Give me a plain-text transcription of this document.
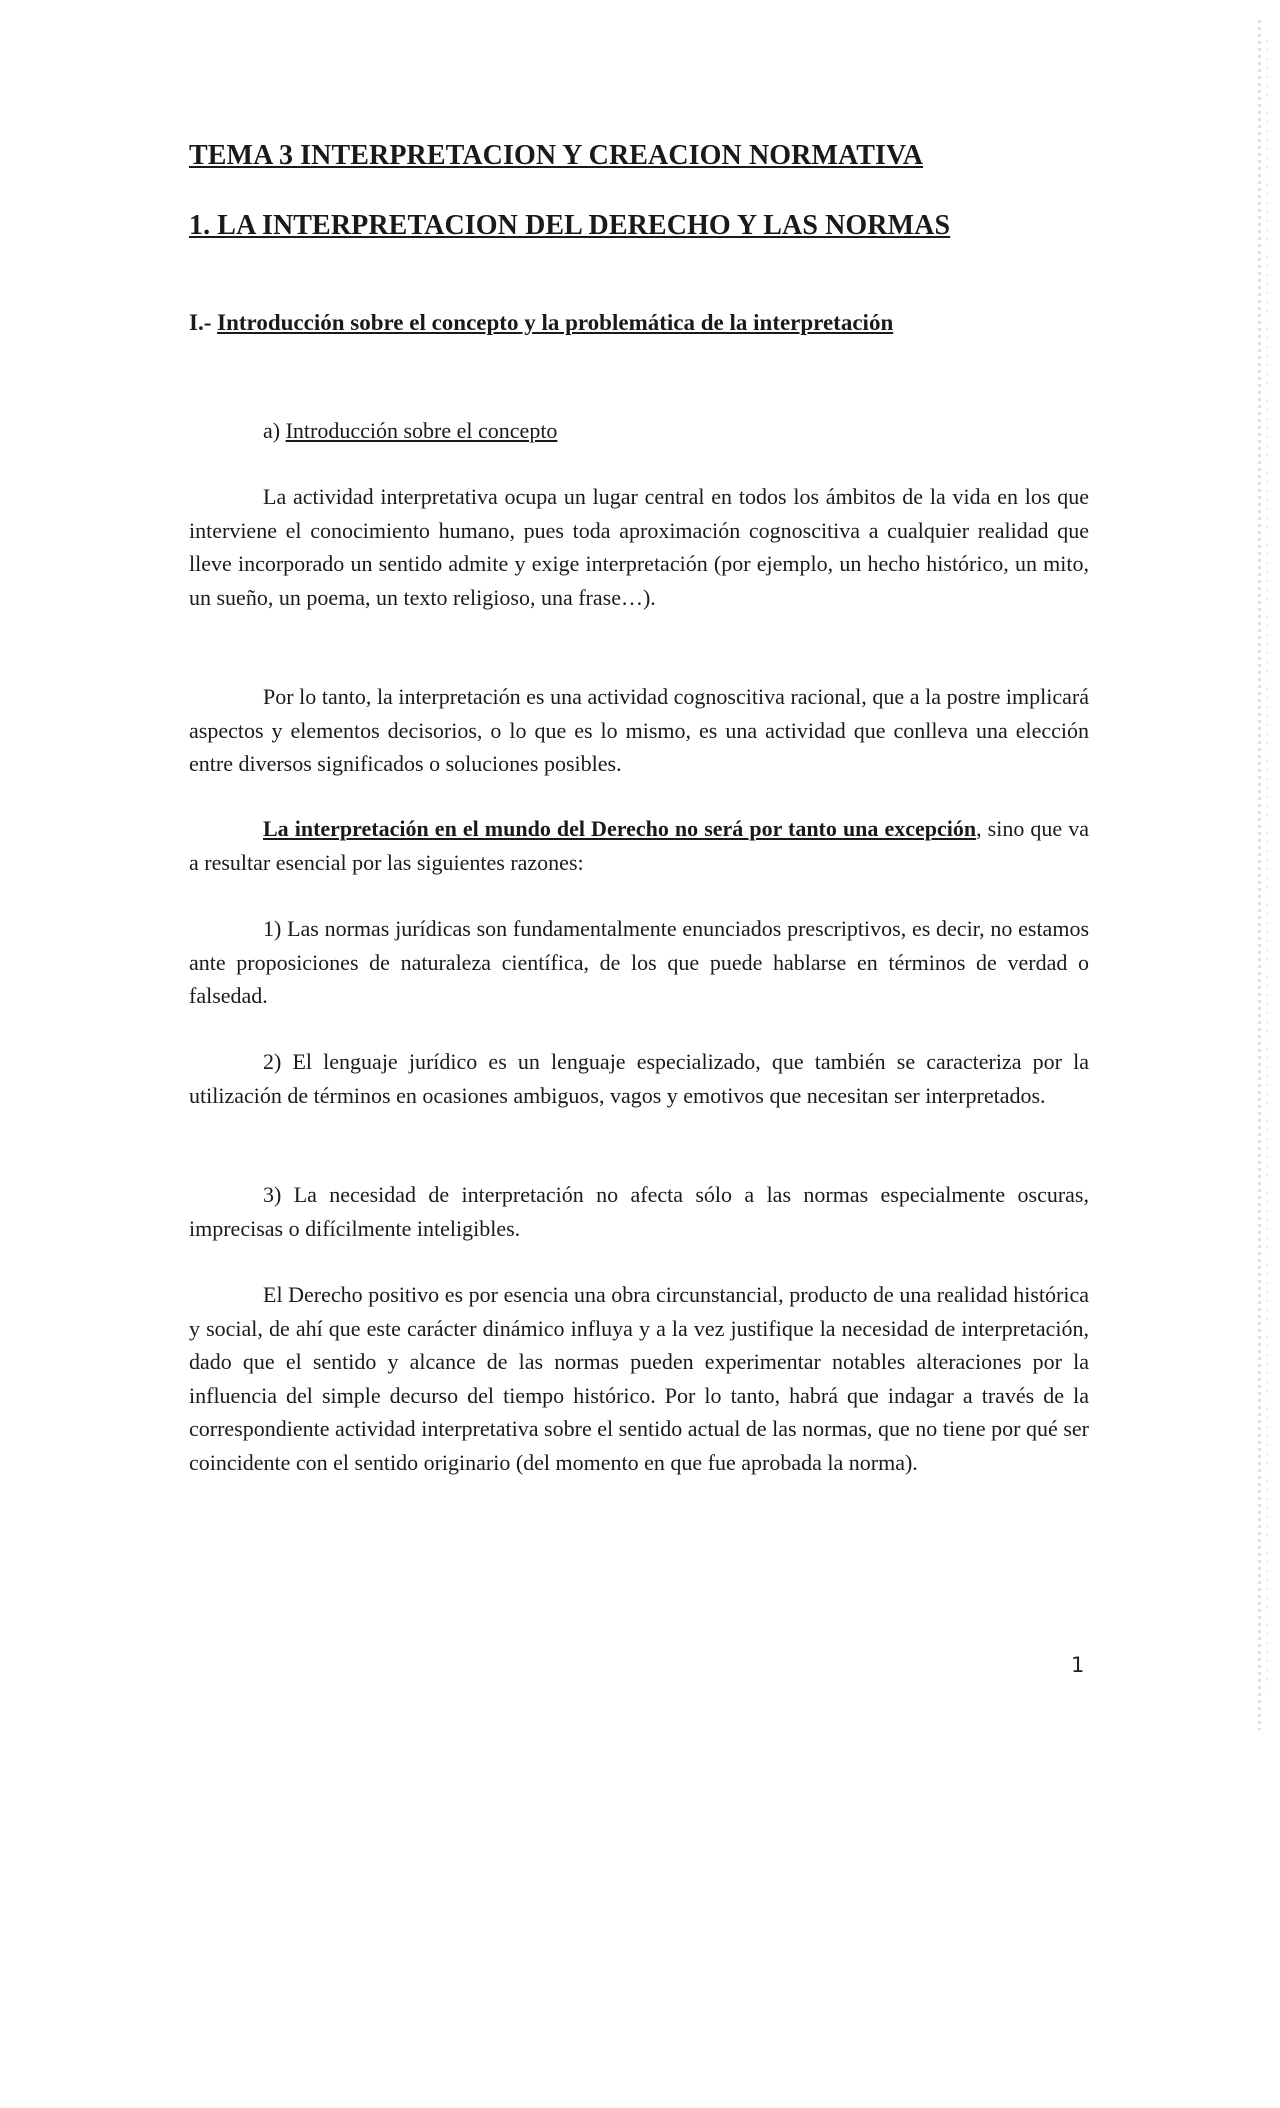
TEMA 3 INTERPRETACION Y CREACION NORMATIVA
1. LA INTERPRETACION DEL DERECHO Y LAS NORMAS
I.- Introducción sobre el concepto y la problemática de la interpretación
a) Introducción sobre el concepto

La actividad interpretativa ocupa un lugar central en todos los ámbitos de la vida en los que interviene el conocimiento humano, pues toda aproximación cognoscitiva a cualquier realidad que lleve incorporado un sentido admite y exige interpretación (por ejemplo, un hecho histórico, un mito, un sueño, un poema, un texto religioso, una frase…).

Por lo tanto, la interpretación es una actividad cognoscitiva racional, que a la postre implicará aspectos y elementos decisorios, o lo que es lo mismo, es una actividad que conlleva una elección entre diversos significados o soluciones posibles.

La interpretación en el mundo del Derecho no será por tanto una excepción, sino que va a resultar esencial por las siguientes razones:

1) Las normas jurídicas son fundamentalmente enunciados prescriptivos, es decir, no estamos ante proposiciones de naturaleza científica, de los que puede hablarse en términos de verdad o falsedad.

2) El lenguaje jurídico es un lenguaje especializado, que también se caracteriza por la utilización de términos en ocasiones ambiguos, vagos y emotivos que necesitan ser interpretados.

3) La necesidad de interpretación no afecta sólo a las normas especialmente oscuras, imprecisas o difícilmente inteligibles.

El Derecho positivo es por esencia una obra circunstancial, producto de una realidad histórica y social, de ahí que este carácter dinámico influya y a la vez justifique la necesidad de interpretación, dado que el sentido y alcance de las normas pueden experimentar notables alteraciones por la influencia del simple decurso del tiempo histórico. Por lo tanto, habrá que indagar a través de la correspondiente actividad interpretativa sobre el sentido actual de las normas, que no tiene por qué ser coincidente con el sentido originario (del momento en que fue aprobada la norma).

1
